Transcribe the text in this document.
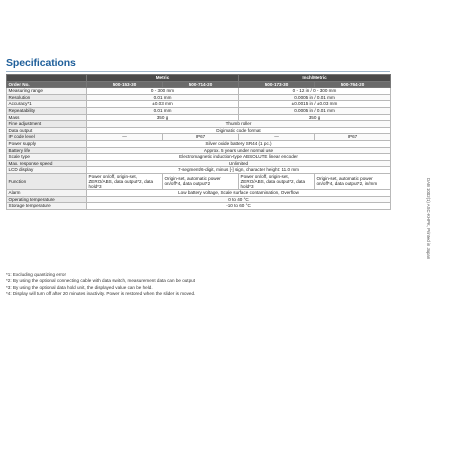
Specifications
	Metric		Inch/Metric	
Order No.	500-153-30	500-714-20	500-173-30	500-764-20
Measuring range	0 - 300 mm		0 - 12 in / 0 - 300 mm	
Resolution	0.01 mm		0.0005 in / 0.01 mm	
Accuracy*1	±0.03 mm		±0.0015 in / ±0.03 mm	
Repeatability	0.01 mm		0.0005 in / 0.01 mm	
Mass	350 g		350 g	
Fine adjustment	Thumb roller			
Data output	Digimatic code format			
IP code level	—	IP67	—	IP67
Power supply	Silver oxide battery SR44 (1 pc.)			
Battery life	Approx. 5 years under normal use			
Scale type	Electromagnetic induction-type ABSOLUTE linear encoder			
Max. response speed	Unlimited			
LCD display	7-segment/6-digit, minus [-] sign, character height: 11.0 mm			
Function	Power on/off, origin-set, ZERO/ABS, data output*2, data hold*3	Origin-set, automatic power on/off*4, data output*2	Power on/off, origin-set, ZERO/ABS, data output*2, data hold*3	Origin-set, automatic power on/off*4, data output*2, in/mm
Alarm	Low battery voltage, Scale surface contamination, Overflow			
Operating temperature	0 to 40 °C			
Storage temperature	-10 to 60 °C			
*1: Excluding quantizing error
*2: By using the optional connecting cable with data switch, measurement data can be output
*3: By using the optional data hold unit, the displayed value can be held.
*4: Display will turn off after 20 minutes inactivity. Power is restored when the slider is moved.
DAB 1002(1) ASC-KHPK, Printed in Japan
